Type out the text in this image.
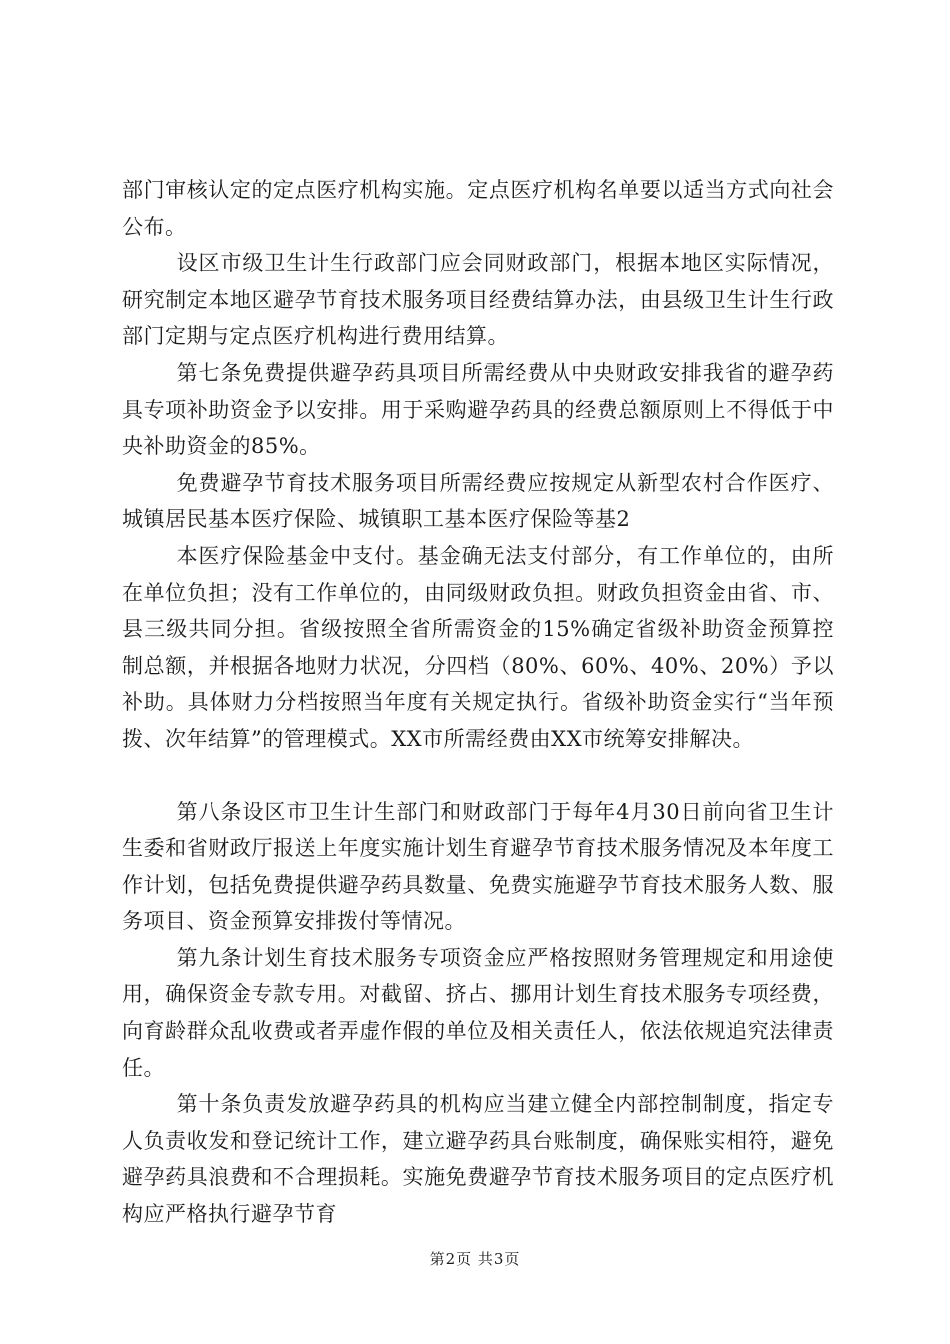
部门审核认定的定点医疗机构实施。定点医疗机构名单要以适当方式向社会公布。

设区市级卫生计生行政部门应会同财政部门，根据本地区实际情况，研究制定本地区避孕节育技术服务项目经费结算办法，由县级卫生计生行政部门定期与定点医疗机构进行费用结算。

第七条免费提供避孕药具项目所需经费从中央财政安排我省的避孕药具专项补助资金予以安排。用于采购避孕药具的经费总额原则上不得低于中央补助资金的85%。

免费避孕节育技术服务项目所需经费应按规定从新型农村合作医疗、城镇居民基本医疗保险、城镇职工基本医疗保险等基2

本医疗保险基金中支付。基金确无法支付部分，有工作单位的，由所在单位负担；没有工作单位的，由同级财政负担。财政负担资金由省、市、县三级共同分担。省级按照全省所需资金的15%确定省级补助资金预算控制总额，并根据各地财力状况，分四档（80%、60%、40%、20%）予以补助。具体财力分档按照当年度有关规定执行。省级补助资金实行“当年预拨、次年结算”的管理模式。XX市所需经费由XX市统筹安排解决。

第八条设区市卫生计生部门和财政部门于每年4月30日前向省卫生计生委和省财政厅报送上年度实施计划生育避孕节育技术服务情况及本年度工作计划，包括免费提供避孕药具数量、免费实施避孕节育技术服务人数、服务项目、资金预算安排拨付等情况。

第九条计划生育技术服务专项资金应严格按照财务管理规定和用途使用，确保资金专款专用。对截留、挤占、挪用计划生育技术服务专项经费，向育龄群众乱收费或者弄虚作假的单位及相关责任人，依法依规追究法律责任。

第十条负责发放避孕药具的机构应当建立健全内部控制制度，指定专人负责收发和登记统计工作，建立避孕药具台账制度，确保账实相符，避免避孕药具浪费和不合理损耗。实施免费避孕节育技术服务项目的定点医疗机构应严格执行避孕节育

第2页 共3页
